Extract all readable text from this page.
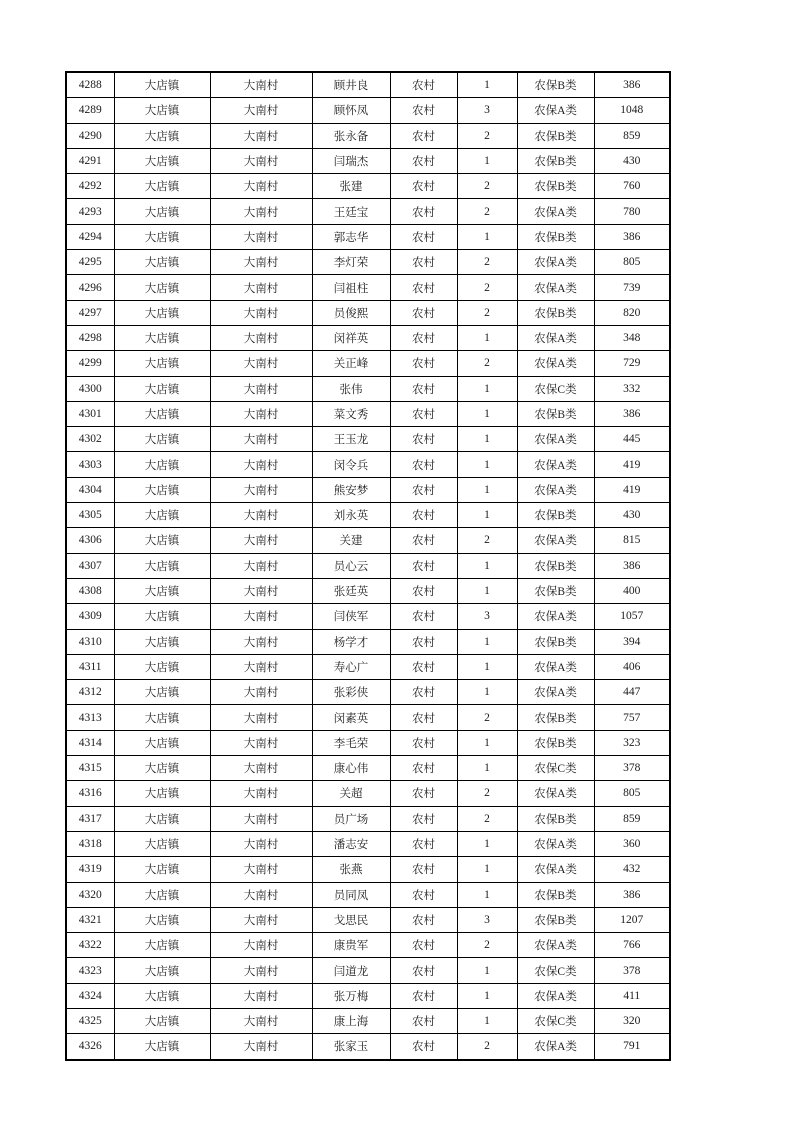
4288	大店镇	大南村	顾井良	农村	1	农保B类	386
4289	大店镇	大南村	顾怀凤	农村	3	农保A类	1048
4290	大店镇	大南村	张永备	农村	2	农保B类	859
4291	大店镇	大南村	闫瑞杰	农村	1	农保B类	430
4292	大店镇	大南村	张建	农村	2	农保B类	760
4293	大店镇	大南村	王廷宝	农村	2	农保A类	780
4294	大店镇	大南村	郭志华	农村	1	农保B类	386
4295	大店镇	大南村	李灯荣	农村	2	农保A类	805
4296	大店镇	大南村	闫祖柱	农村	2	农保A类	739
4297	大店镇	大南村	员俊熙	农村	2	农保B类	820
4298	大店镇	大南村	闵祥英	农村	1	农保A类	348
4299	大店镇	大南村	关正峰	农村	2	农保A类	729
4300	大店镇	大南村	张伟	农村	1	农保C类	332
4301	大店镇	大南村	菜文秀	农村	1	农保B类	386
4302	大店镇	大南村	王玉龙	农村	1	农保A类	445
4303	大店镇	大南村	闵令兵	农村	1	农保A类	419
4304	大店镇	大南村	熊安梦	农村	1	农保A类	419
4305	大店镇	大南村	刘永英	农村	1	农保B类	430
4306	大店镇	大南村	关建	农村	2	农保A类	815
4307	大店镇	大南村	员心云	农村	1	农保B类	386
4308	大店镇	大南村	张廷英	农村	1	农保B类	400
4309	大店镇	大南村	闫侠军	农村	3	农保A类	1057
4310	大店镇	大南村	杨学才	农村	1	农保B类	394
4311	大店镇	大南村	寿心广	农村	1	农保A类	406
4312	大店镇	大南村	张彩侠	农村	1	农保A类	447
4313	大店镇	大南村	闵素英	农村	2	农保B类	757
4314	大店镇	大南村	李毛荣	农村	1	农保B类	323
4315	大店镇	大南村	康心伟	农村	1	农保C类	378
4316	大店镇	大南村	关超	农村	2	农保A类	805
4317	大店镇	大南村	员广场	农村	2	农保B类	859
4318	大店镇	大南村	潘志安	农村	1	农保A类	360
4319	大店镇	大南村	张燕	农村	1	农保A类	432
4320	大店镇	大南村	员同凤	农村	1	农保B类	386
4321	大店镇	大南村	戈思民	农村	3	农保B类	1207
4322	大店镇	大南村	康贵军	农村	2	农保A类	766
4323	大店镇	大南村	闫道龙	农村	1	农保C类	378
4324	大店镇	大南村	张万梅	农村	1	农保A类	411
4325	大店镇	大南村	康上海	农村	1	农保C类	320
4326	大店镇	大南村	张家玉	农村	2	农保A类	791
